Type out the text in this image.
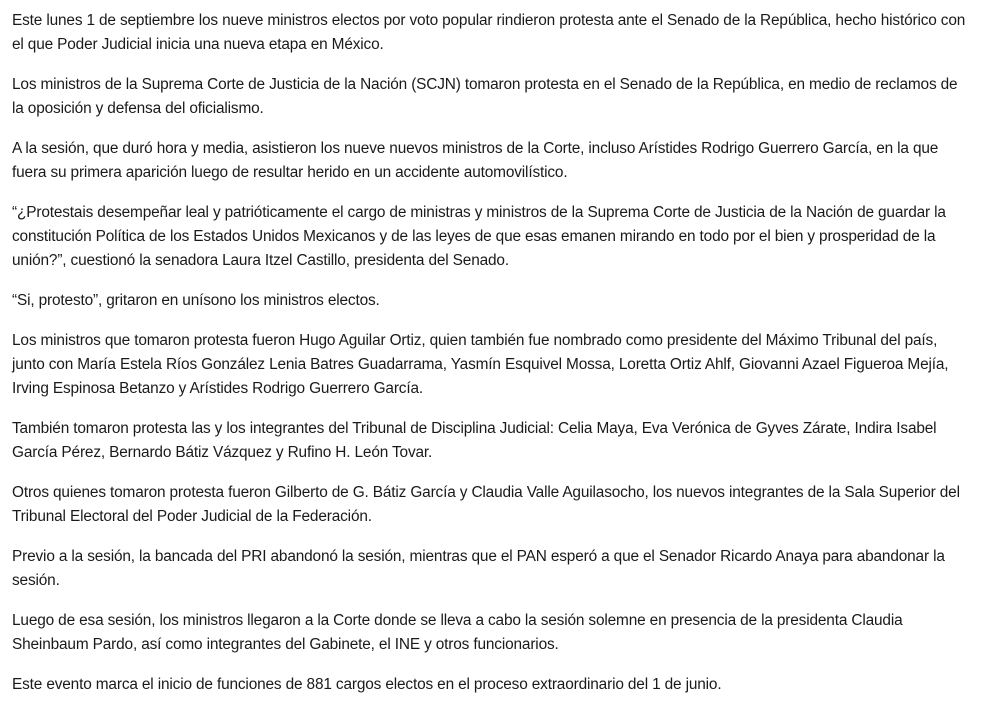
Este lunes 1 de septiembre los nueve ministros electos por voto popular rindieron protesta ante el Senado de la República, hecho histórico con el que Poder Judicial inicia una nueva etapa en México.

Los ministros de la Suprema Corte de Justicia de la Nación (SCJN) tomaron protesta en el Senado de la República, en medio de reclamos de la oposición y defensa del oficialismo.

A la sesión, que duró hora y media, asistieron los nueve nuevos ministros de la Corte, incluso Arístides Rodrigo Guerrero García, en la que fuera su primera aparición luego de resultar herido en un accidente automovilístico.

“¿Protestais desempeñar leal y patrióticamente el cargo de ministras y ministros de la Suprema Corte de Justicia de la Nación de guardar la constitución Política de los Estados Unidos Mexicanos y de las leyes de que esas emanen mirando en todo por el bien y prosperidad de la unión?”, cuestionó la senadora Laura Itzel Castillo, presidenta del Senado.

“Si, protesto”, gritaron en unísono los ministros electos.

Los ministros que tomaron protesta fueron Hugo Aguilar Ortiz, quien también fue nombrado como presidente del Máximo Tribunal del país, junto con María Estela Ríos González Lenia Batres Guadarrama, Yasmín Esquivel Mossa, Loretta Ortiz Ahlf, Giovanni Azael Figueroa Mejía, Irving Espinosa Betanzo y Arístides Rodrigo Guerrero García.

También tomaron protesta las y los integrantes del Tribunal de Disciplina Judicial: Celia Maya, Eva Verónica de Gyves Zárate, Indira Isabel García Pérez, Bernardo Bátiz Vázquez y Rufino H. León Tovar.

Otros quienes tomaron protesta fueron Gilberto de G. Bátiz García y Claudia Valle Aguilasocho, los nuevos integrantes de la Sala Superior del Tribunal Electoral del Poder Judicial de la Federación.

Previo a la sesión, la bancada del PRI abandonó la sesión, mientras que el PAN esperó a que el Senador Ricardo Anaya para abandonar la sesión.

Luego de esa sesión, los ministros llegaron a la Corte donde se lleva a cabo la sesión solemne en presencia de la presidenta Claudia Sheinbaum Pardo, así como integrantes del Gabinete, el INE y otros funcionarios.

Este evento marca el inicio de funciones de 881 cargos electos en el proceso extraordinario del 1 de junio.
